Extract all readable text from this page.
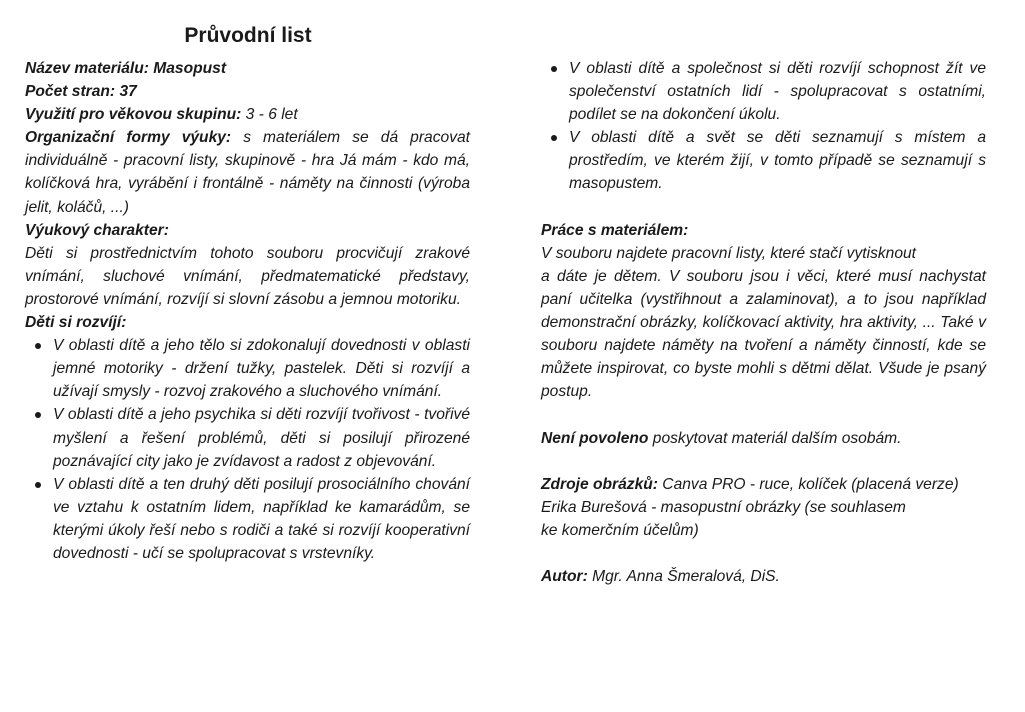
Průvodní list

Název materiálu: Masopust

Počet stran: 37

Využití pro věkovou skupinu: 3 - 6 let

Organizační formy výuky: s materiálem se dá pracovat individuálně - pracovní listy, skupinově - hra Já mám - kdo má, kolíčková hra, vyrábění i frontálně - náměty na činnosti (výroba jelit, koláčů, ...)

Výukový charakter:

Děti si prostřednictvím tohoto souboru procvičují zrakové vnímání, sluchové vnímání, předmatematické představy, prostorové vnímání, rozvíjí si slovní zásobu a jemnou motoriku.

Děti si rozvíjí:

V oblasti dítě a jeho tělo si zdokonalují dovednosti v oblasti jemné motoriky - držení tužky, pastelek. Děti si rozvíjí a užívají smysly - rozvoj zrakového a sluchového vnímání.
V oblasti dítě a jeho psychika si děti rozvíjí tvořivost - tvořivé myšlení a řešení problémů, děti si posilují přirozené poznávající city jako je zvídavost a radost z objevování.
V oblasti dítě a ten druhý děti posilují prosociálního chování ve vztahu k ostatním lidem, například ke kamarádům, se kterými úkoly řeší nebo s rodiči a také si rozvíjí kooperativní dovednosti - učí se spolupracovat s vrstevníky.
V oblasti dítě a společnost si děti rozvíjí schopnost žít ve společenství ostatních lidí - spolupracovat s ostatními, podílet se na dokončení úkolu.
V oblasti dítě a svět se děti seznamují s místem a prostředím, ve kterém žijí, v tomto případě se seznamují s masopustem.

Práce s materiálem:

V souboru najdete pracovní listy, které stačí vytisknout

a dáte je dětem. V souboru jsou i věci, které musí nachystat paní učitelka (vystřihnout a zalaminovat), a to jsou například demonstrační obrázky, kolíčkovací aktivity, hra aktivity, ... Také v souboru najdete náměty na tvoření a náměty činností, kde se můžete inspirovat, co byste mohli s dětmi dělat. Všude je psaný postup.

Není povoleno poskytovat materiál dalším osobám.

Zdroje obrázků: Canva PRO - ruce, kolíček (placená verze)

Erika Burešová - masopustní obrázky (se souhlasem

ke komerčním účelům)

Autor: Mgr. Anna Šmeralová, DiS.
